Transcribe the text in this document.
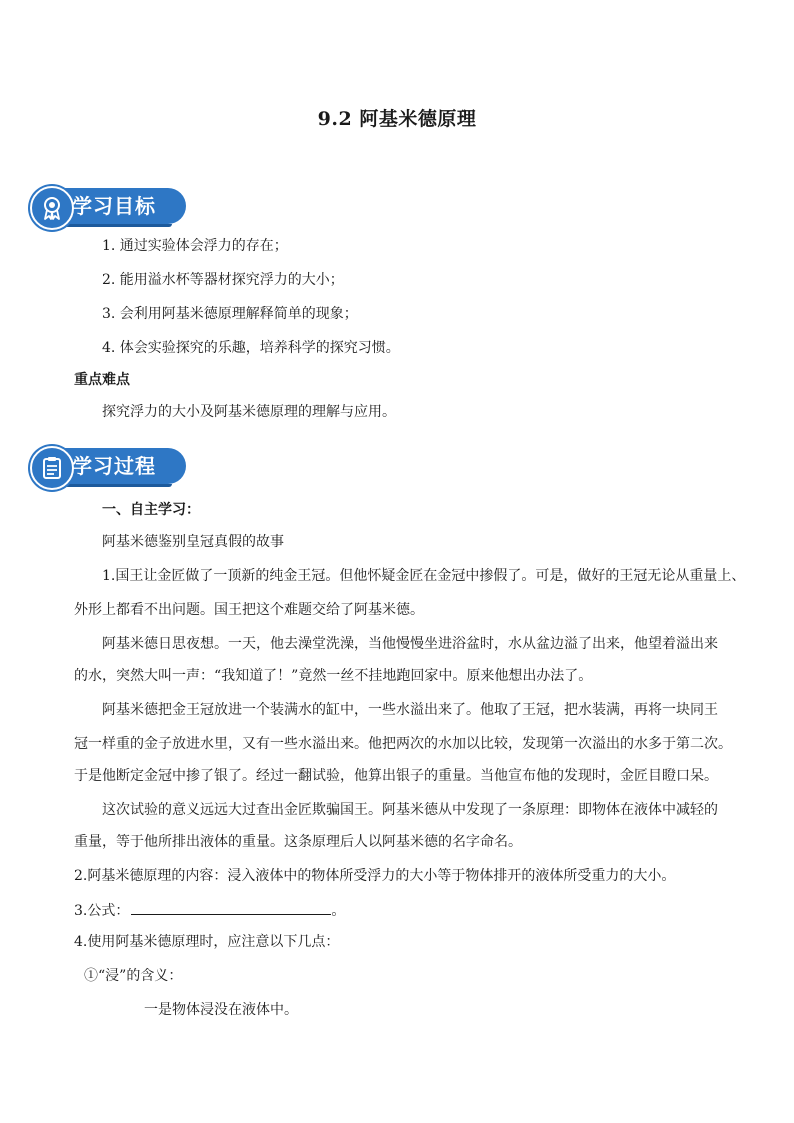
9.2 阿基米德原理
学习目标
1. 通过实验体会浮力的存在；
2. 能用溢水杯等器材探究浮力的大小；
3. 会利用阿基米德原理解释简单的现象；
4. 体会实验探究的乐趣，培养科学的探究习惯。
重点难点
探究浮力的大小及阿基米德原理的理解与应用。
学习过程
一、自主学习：
阿基米德鉴别皇冠真假的故事
1.国王让金匠做了一顶新的纯金王冠。但他怀疑金匠在金冠中掺假了。可是，做好的王冠无论从重量上、
外形上都看不出问题。国王把这个难题交给了阿基米德。
阿基米德日思夜想。一天，他去澡堂洗澡，当他慢慢坐进浴盆时，水从盆边溢了出来，他望着溢出来
的水，突然大叫一声：“我知道了！”竟然一丝不挂地跑回家中。原来他想出办法了。
阿基米德把金王冠放进一个装满水的缸中，一些水溢出来了。他取了王冠，把水装满，再将一块同王
冠一样重的金子放进水里，又有一些水溢出来。他把两次的水加以比较，发现第一次溢出的水多于第二次。
于是他断定金冠中掺了银了。经过一翻试验，他算出银子的重量。当他宣布他的发现时，金匠目瞪口呆。
这次试验的意义远远大过查出金匠欺骗国王。阿基米德从中发现了一条原理：即物体在液体中减轻的
重量，等于他所排出液体的重量。这条原理后人以阿基米德的名字命名。
2.阿基米德原理的内容：浸入液体中的物体所受浮力的大小等于物体排开的液体所受重力的大小。
3.公式：	。
4.使用阿基米德原理时，应注意以下几点：
①“浸”的含义：
一是物体浸没在液体中。
